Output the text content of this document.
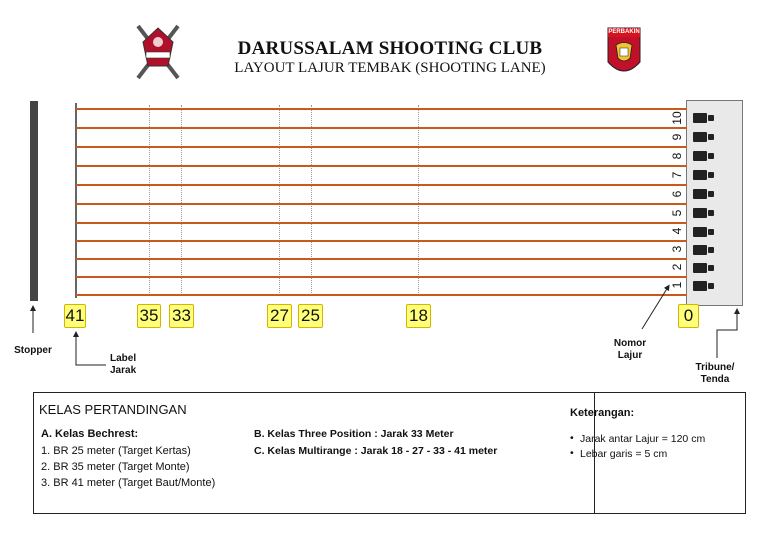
PERBAKIN
DARUSSALAM SHOOTING CLUB
LAYOUT LAJUR TEMBAK (SHOOTING LANE)
10
9
8
7
6
5
4
3
2
1
41	35 33	27 25	18	0
Stopper
Label
Jarak
Nomor
Lajur
Tribune/
Tenda
KELAS PERTANDINGAN
A. Kelas Bechrest:
1. BR 25 meter (Target Kertas)
2. BR 35 meter (Target Monte)
3. BR 41 meter (Target Baut/Monte)
B. Kelas Three Position : Jarak 33 Meter
C. Kelas Multirange : Jarak 18 - 27 - 33 - 41 meter
Keterangan:
• Jarak antar Lajur = 120 cm
• Lebar garis = 5 cm
